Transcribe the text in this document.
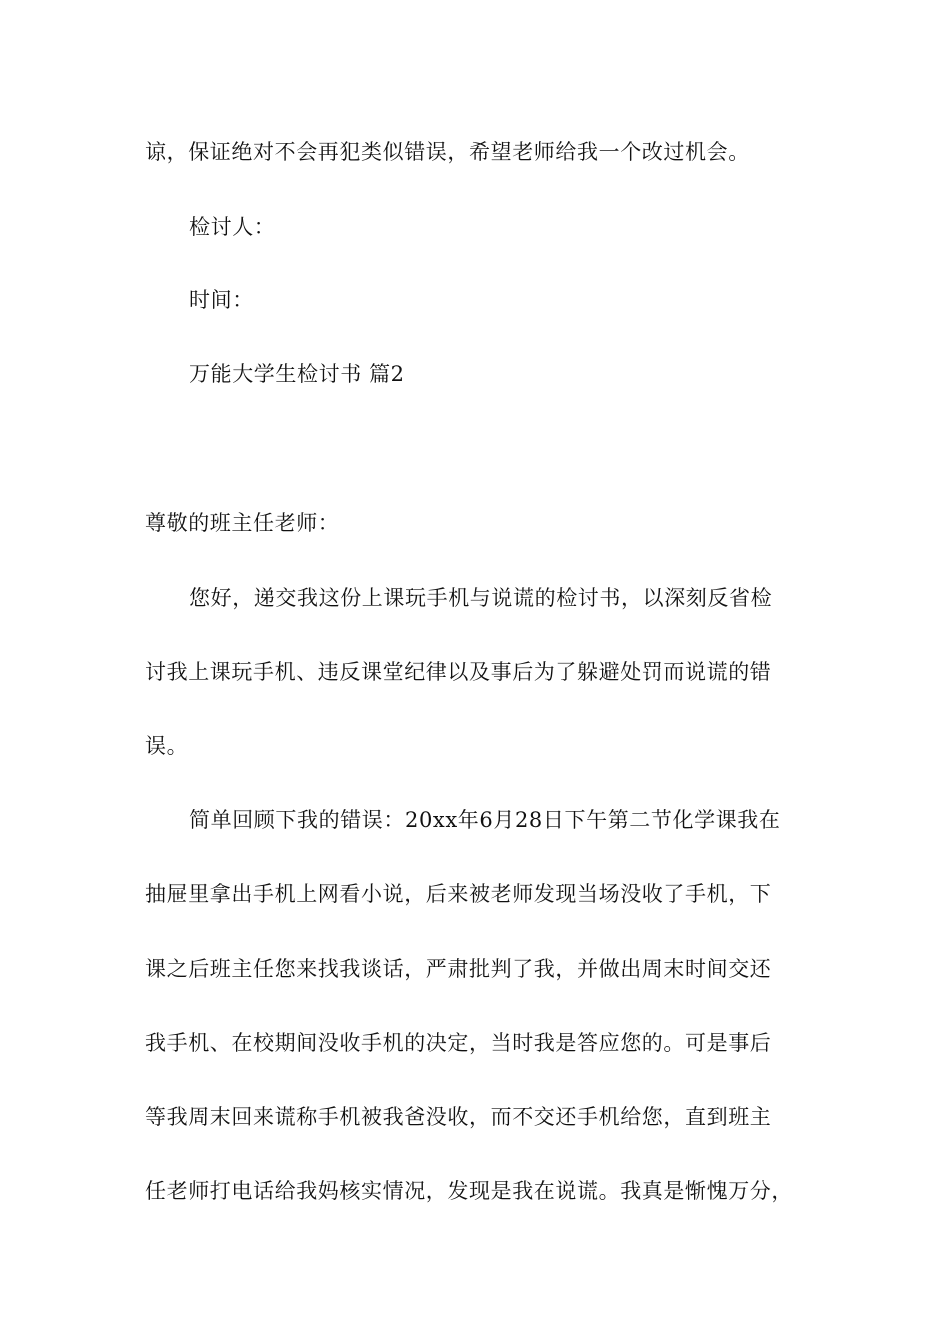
谅，保证绝对不会再犯类似错误，希望老师给我一个改过机会。
检讨人：
时间：
万能大学生检讨书 篇2
尊敬的班主任老师：
您好，递交我这份上课玩手机与说谎的检讨书，以深刻反省检
讨我上课玩手机、违反课堂纪律以及事后为了躲避处罚而说谎的错
误。
简单回顾下我的错误：20xx年6月28日下午第二节化学课我在
抽屉里拿出手机上网看小说，后来被老师发现当场没收了手机，下
课之后班主任您来找我谈话，严肃批判了我，并做出周末时间交还
我手机、在校期间没收手机的决定，当时我是答应您的。可是事后
等我周末回来谎称手机被我爸没收，而不交还手机给您，直到班主
任老师打电话给我妈核实情况，发现是我在说谎。我真是惭愧万分，
